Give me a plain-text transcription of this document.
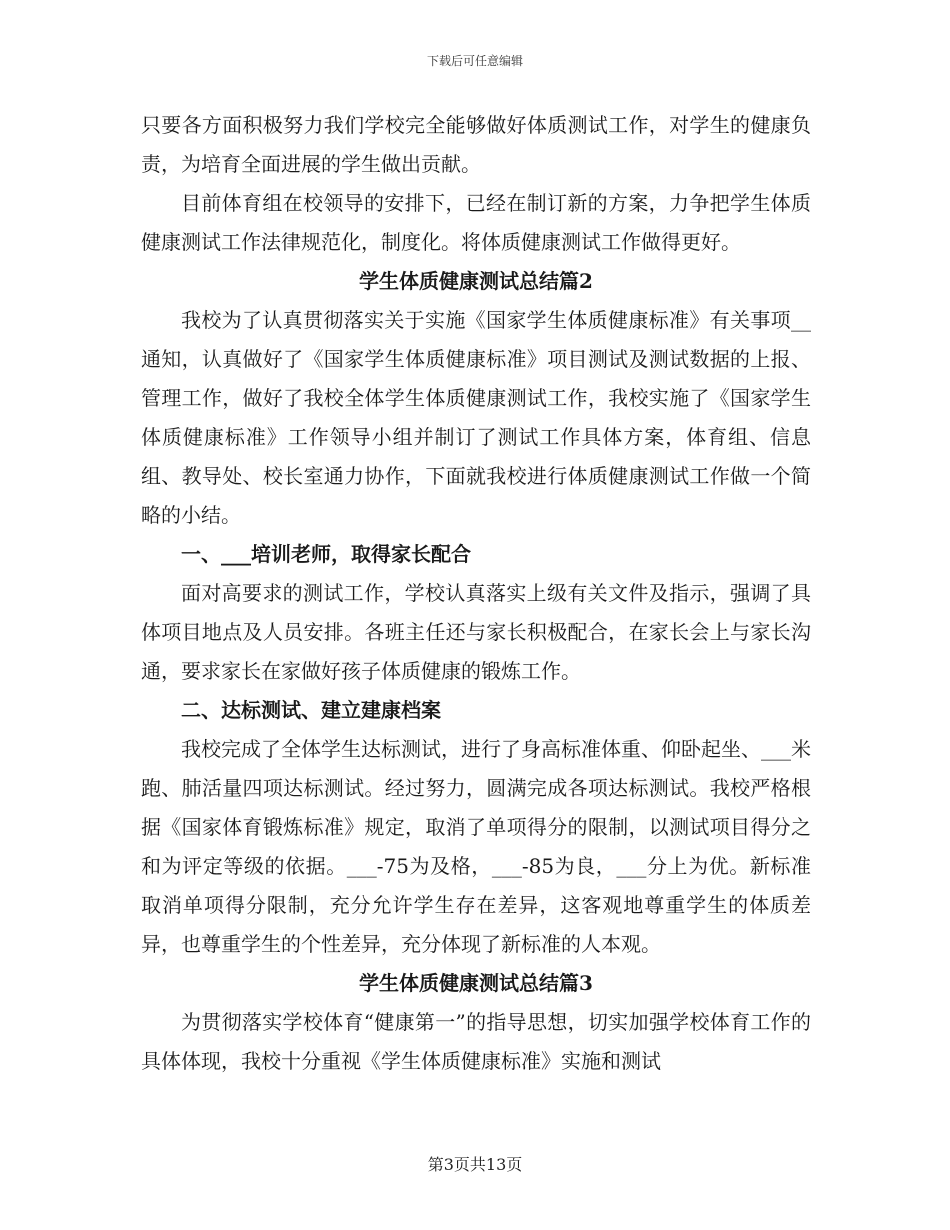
下载后可任意编辑

只要各方面积极努力我们学校完全能够做好体质测试工作，对学生的健康负责，为培育全面进展的学生做出贡献。

目前体育组在校领导的安排下，已经在制订新的方案，力争把学生体质健康测试工作法律规范化，制度化。将体质健康测试工作做得更好。

学生体质健康测试总结篇2

我校为了认真贯彻落实关于实施《国家学生体质健康标准》有关事项__通知，认真做好了《国家学生体质健康标准》项目测试及测试数据的上报、管理工作，做好了我校全体学生体质健康测试工作，我校实施了《国家学生体质健康标准》工作领导小组并制订了测试工作具体方案，体育组、信息组、教导处、校长室通力协作，下面就我校进行体质健康测试工作做一个简略的小结。

一、___培训老师，取得家长配合

面对高要求的测试工作，学校认真落实上级有关文件及指示，强调了具体项目地点及人员安排。各班主任还与家长积极配合，在家长会上与家长沟通，要求家长在家做好孩子体质健康的锻炼工作。

二、达标测试、建立建康档案

我校完成了全体学生达标测试，进行了身高标准体重、仰卧起坐、___米跑、肺活量四项达标测试。经过努力，圆满完成各项达标测试。我校严格根据《国家体育锻炼标准》规定，取消了单项得分的限制，以测试项目得分之和为评定等级的依据。___-75为及格，___-85为良，___分上为优。新标准取消单项得分限制，充分允许学生存在差异，这客观地尊重学生的体质差异，也尊重学生的个性差异，充分体现了新标准的人本观。

学生体质健康测试总结篇3

为贯彻落实学校体育“健康第一”的指导思想，切实加强学校体育工作的具体体现，我校十分重视《学生体质健康标准》实施和测试

第3页共13页
